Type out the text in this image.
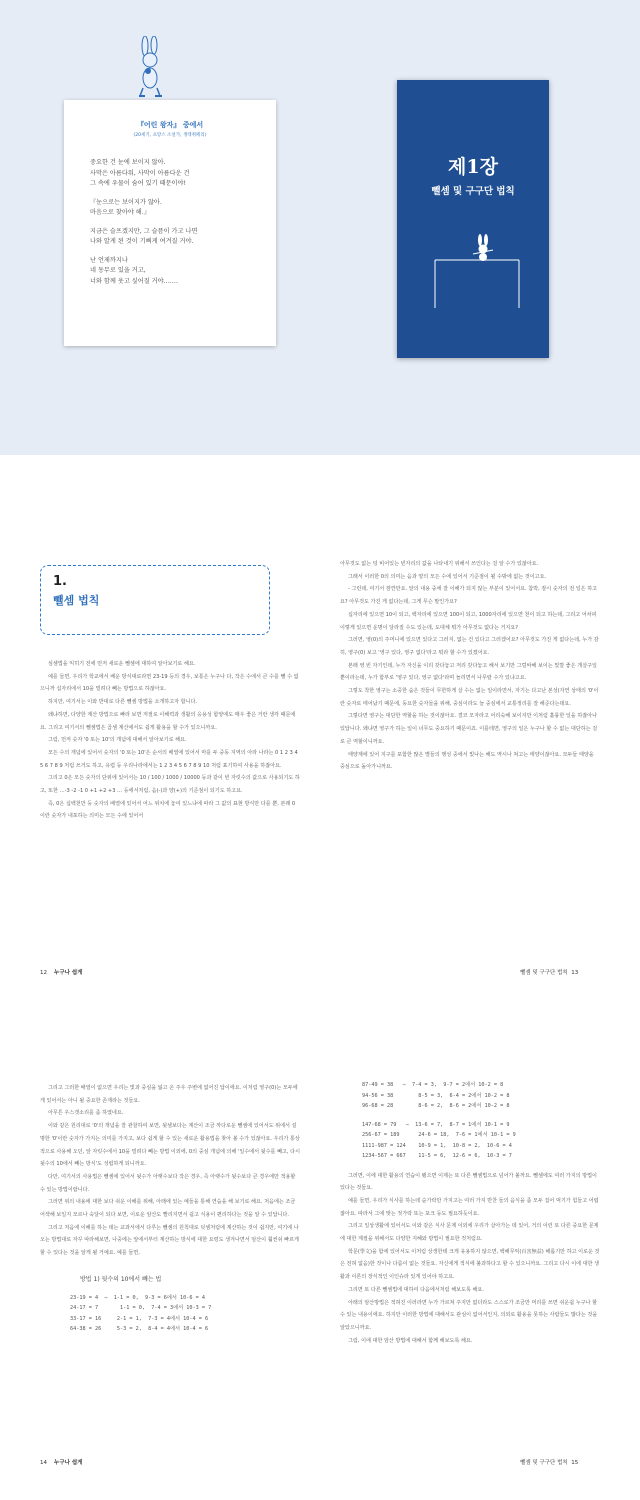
『어린 왕자』 중에서
(20세기, 프랑스 소설가, 생텍쥐페리)

중요한 건 눈에 보이지 않아.
사막은 아름다워, 사막이 아름다운 건
그 속에 우물이 숨어 있기 때문이야!

『눈으로는 보이지가 않아.
마음으로 찾아야 해.』

지금은 슬프겠지만, 그 슬픔이 가고 나면
나와 알게 된 것이 기뻐게 여겨질 거야.

난 언제까지나
네 동무로 있을 거고,
너와 함께 웃고 싶어질 거야…….

제1장
뺄셈 및 구구단 법칙
1.
뺄셈 법칙

심셈법을 익히기 전에 먼저 새로운 뺄셈에 대하여 알아보기로 해요.

예를 들면, 우리가 학교에서 배운 방식대로라면 23-19 등의 경우, 보통은 누구나 다, 작은 수에서 큰 수를 뺄 수 없으니까 십자리에서 10을 빌려다 빼는 방법으로 하잖아요.

하지만, 여기서는 이와 반대로 다른 뺄셈 방법을 소개하고자 합니다.

왜냐하면, 다양한 계산 방법으로 빠라 보면 저절로 이해력과 생활의 응용성 함양에도 매우 좋은 거란 생각 때문에요. 그리고 여기서의 뺄셈법은 곱셈 계산에서도 쉽게 활용을 할 수가 있으니까요.

그럼, 먼저 숫자 '0 또는 10'의 개념에 대해서 알아보기로 해요.

모든 수의 개념에 있어서 숫자의 '0 또는 10'은 순서의 배열에 있어서 마를 두 중동 지역의 아라 나라는 0 1 2 3 4 5 6 7 8 9 처럼 쓰거도 하고, 유럽 등 우리나라에서는 1 2 3 4 5 6 7 8 9 10 처럼 표기하여 사용을 하잖아요.

그리고 0은 모든 숫자의 단위에 있어서는 10 / 100 / 1000 / 10000 등과 같이 빈 자릿수의 값으로 사용되기도 하고, 또한 …-3 -2 -1 0 +1 +2 +3 … 등에서처럼, 음(-)과 양(+)의 기준점이 되기도 하고요.

즉, 0은 십백천만 등 숫자의 배열에 있어서 어느 위치에 놓여 있느냐에 따라 그 값의 표현 방식만 다를 뿐, 본래 0이란 숫자가 내포하는 의미는 모든 수에 있어서

아무것도 없는 텅 비어있는 빈자리의 값을 나타내기 위해서 쓰인다는 걸 알 수가 있잖아요.

그래서 이러한 0의 의미는 음과 양의 모든 수에 있어서 기준점이 될 수밖에 없는 것이고요.

- 그런데, 여기서 잠깐만요. 앞의 내용 중에 잘 이해가 되지 않는 부분이 있어서요. 참박, 잠시 숫자의 전 일은 하고요? 아무것도 가진 게 없다는데, 그게 무슨 말인가요?

십자리에 있으면 10이 되고, 백자리에 있으면 100이 되고, 1000자리에 있으면 천이 되고 하는데, 그리고 어차피 이렇게 있으면 운명이 달라질 수도 있는데, 도대체 뭐가 아무것도 없다는 거지요?

그러면, 영(0)의 주머니에 있으면 있다고 그러지, 없는 건 있다고 그러겠어요? 아무것도 가진 게 없다는데, 누가 감히, 영구(0) 보고 '영구 있다, 영구 없다'라고 뭐라 할 수가 있겠어요.

본래 영 빈 자기인데, 누가 자신을 이리 갖다놓고 저리 갖다놓고 해서 보기만 그럴싸해 보이는 빛깔 좋은 개살구일 뿐이라는데, 누가 함부로 '영구 있다, 영구 없다'라며 놀리면서 나무랄 수가 있냐고요.

그렇도 착한 영구는 소중한 숨은 것들이 무한하게 살 수는 없는 일이라면서, 자기는 다고난 본성(자연 상태의 '0'이란 숫자로 태어났기 때문에, 동요한 숫자들을 위해, 중심이라도 늘 중심에서 교통정리를 잘 해준다는데요.

그렇다면 영구는 대단한 역할을 하는 것이잖아요. 결코 모자라고 어리숙해 보이지만 이처럼 훌륭한 일을 하잖아나 있답니다. 왜냐면 영구가 하는 일이 너무도 중요하기 때문이죠. 이를테면, 영구의 일은 누구나 할 수 없는 대단하는 걸로 큰 역할이니까요.

태양계에 있어 지구를 포함한 많은 별들의 행성 중에서 빛나는 해도 역시나 쳐고는 태양이잖아요. 모두들 태양을 중심으로 돌아가니까요.

12 누구나 쉽게	뺄셈 및 구구단 법칙 13

그리고 그러한 배열이 없으면 우리는 빛과 중심을 잃고 온 주우 주변에 없어진 답이에요. 이처럼 영구(0)는 모두에게 있어서는 아니 될 중요한 존재라는 것들요.

아무튼 우스갯소리를 좀 하였네요.

이와 같은 원리대로 '0'의 개념을 잘 관찰하여 보면, 뒷셈보다는 계산이 조금 까다로운 뺄셈에 있어서도 위에서 설명한 '0'이란 숫자가 가지는 의미를 가지고, 보다 쉽게 할 수 있는 새로운 활용법을 찾아 볼 수가 있잖아요. 우리가 통상적으로 사용해 오던, 앞 자릿수에서 10을 빌려다 빼는 방법 이외에, 0의 중심 개념에 의해 '일수에서 뒷수를 빼고, 다시 뒷수의 10에서 빼는 방식'도 성립하게 되니까요.

다만, 여기서의 사용법은 뺄셈에 있어서 뒷수가 아랫수보다 작은 경우, 즉 아랫수가 뒷수보다 큰 경우에만 적용할 수 있는 방법이랍니다.

그러면 위의 내용에 대한 보다 쉬운 이해를 위해, 아래에 있는 예들을 통해 연습을 해 보기로 해요. 처음에는 조금 어색해 보일지 모르나 숙달이 되다 보면, 이로운 암산도 빨리지면서 쉽고 식용이 편리하다는 것을 알 수 있답니다.

그리고 처음에 이해를 하는 데는 교과서에서 다루는 뺄셈의 원칙대로 덧셈처럼에 계산하는 것이 쉽지만, 여기에 나오는 방법대로 자꾸 따라해보면, 나중에는 앞에서부터 계산하는 방식에 대한 요령도 생겨나면서 암산이 훨씬쉬 빠르게 할 수 있다는 것을 알게 될 거예요. 예를 들면,

방법 1) 뒷수의 10에서 빼는 법
23-19 = 4  ⇨  1-1 = 0,  9-3 = 6에서 10-6 = 4
24-17 = 7       1-1 = 0,  7-4 = 3에서 10-3 = 7
33-17 = 16     2-1 = 1,  7-3 = 4에서 10-4 = 6
64-38 = 26     5-3 = 2,  8-4 = 4에서 10-4 = 6
87-49 = 38   ⇨  7-4 = 3,  9-7 = 2에서 10-2 = 8
94-56 = 38        8-5 = 3,  6-4 = 2에서 10-2 = 8
96-68 = 28        8-6 = 2,  8-6 = 2에서 10-2 = 8
147-68 = 79   ⇨  13-6 = 7,  8-7 = 1에서 10-1 = 9
256-67 = 189      24-6 = 18,  7-6 = 1에서 10-1 = 9
1111-987 = 124    10-9 = 1,  10-8 = 2,  10-6 = 4
1234-567 = 667    11-5 = 6,  12-6 = 6,  10-3 = 7

그러면, 이에 대한 활용의 연습이 됐으면 이제는 또 다른 뺄셈법으로 넘어가 볼까요. 뺄셈에도 여러 가지의 방법이 있다는 것들요.

예를 들면, 우리가 식사를 하는데 숟가락만 가지고는 여러 가지 반찬 들의 음식을 좀 모두 집어 먹기가 힘들고 어렵잖아요. 따라서 그에 맞는 젓가락 또는 포크 등도 필요하듯이요.

그리고 일상생활에 있어서도 이와 같은 식사 문제 이외에 우리가 살아가는 데 있어, 거의 이런 또 다른 중요한 문제에 대한 계절을 위해서도 다양한 지혜와 방법이 필요한 것처럼요.

학문(學文)을 함에 있어서도 이처럼 상생한테 크게 유용하지 않으면, 백해무익(百害無益) 해롭기만 하고 이로운 것은 전혀 없음)한 것이나 다름이 없는 것들요. 자신에게 적식에 불과하다고 할 수 있으니까요. 그리고 다시 이에 대한 생활과 이론의 장식적인 이인슈라 있게 있어야 하고요.

그리면 또 다른 뺄셈법에 대하여 다음에서처럼 해보도록 해요.

아래의 암산방법은 적혀진 이러라면 누가 가르쳐 주지만 없더라도 스스로가 조금만 머리를 쓰면 쉬운쉽 누구나 할 수 있는 내용이에요. 하지만 이러한 방법에 대해서도 관심이 없어서인지, 의외로 활용을 못하는 사람들도 많다는 것을 알았으니까요.

그럼, 이에 대한 암산 방법에 대해서 함께 해보도록 해요.

14 누구나 쉽게	뺄셈 및 구구단 법칙 15
